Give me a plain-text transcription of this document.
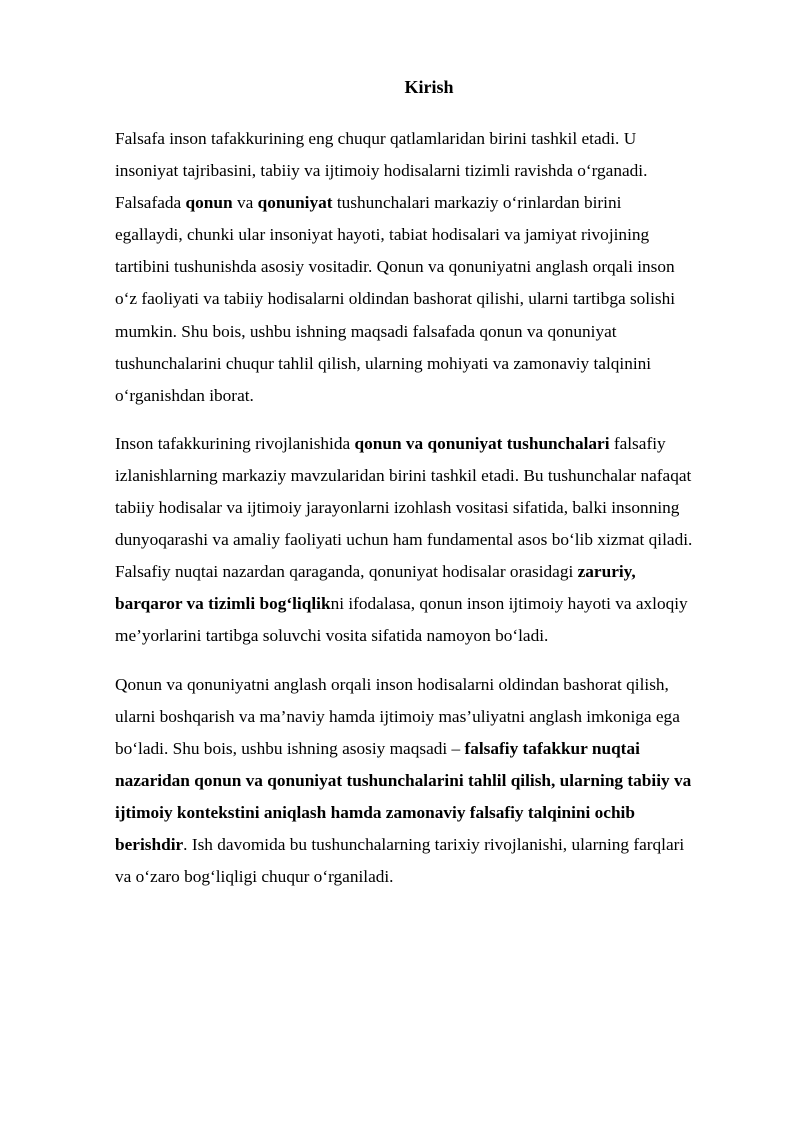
Kirish

Falsafa inson tafakkurining eng chuqur qatlamlaridan birini tashkil etadi. U
insoniyat tajribasini, tabiiy va ijtimoiy hodisalarni tizimli ravishda o‘rganadi.
Falsafada qonun va qonuniyat tushunchalari markaziy o‘rinlardan birini
egallaydi, chunki ular insoniyat hayoti, tabiat hodisalari va jamiyat rivojining
tartibini tushunishda asosiy vositadir. Qonun va qonuniyatni anglash orqali inson
o‘z faoliyati va tabiiy hodisalarni oldindan bashorat qilishi, ularni tartibga solishi
mumkin. Shu bois, ushbu ishning maqsadi falsafada qonun va qonuniyat
tushunchalarini chuqur tahlil qilish, ularning mohiyati va zamonaviy talqinini
o‘rganishdan iborat.

Inson tafakkurining rivojlanishida qonun va qonuniyat tushunchalari falsafiy
izlanishlarning markaziy mavzularidan birini tashkil etadi. Bu tushunchalar nafaqat
tabiiy hodisalar va ijtimoiy jarayonlarni izohlash vositasi sifatida, balki insonning
dunyoqarashi va amaliy faoliyati uchun ham fundamental asos bo‘lib xizmat qiladi.
Falsafiy nuqtai nazardan qaraganda, qonuniyat hodisalar orasidagi zaruriy,
barqaror va tizimli bog‘liqlikni ifodalasa, qonun inson ijtimoiy hayoti va axloqiy
me’yorlarini tartibga soluvchi vosita sifatida namoyon bo‘ladi.

Qonun va qonuniyatni anglash orqali inson hodisalarni oldindan bashorat qilish,
ularni boshqarish va ma’naviy hamda ijtimoiy mas’uliyatni anglash imkoniga ega
bo‘ladi. Shu bois, ushbu ishning asosiy maqsadi – falsafiy tafakkur nuqtai
nazaridan qonun va qonuniyat tushunchalarini tahlil qilish, ularning tabiiy va
ijtimoiy kontekstini aniqlash hamda zamonaviy falsafiy talqinini ochib
berishdir. Ish davomida bu tushunchalarning tarixiy rivojlanishi, ularning farqlari
va o‘zaro bog‘liqligi chuqur o‘rganiladi.
